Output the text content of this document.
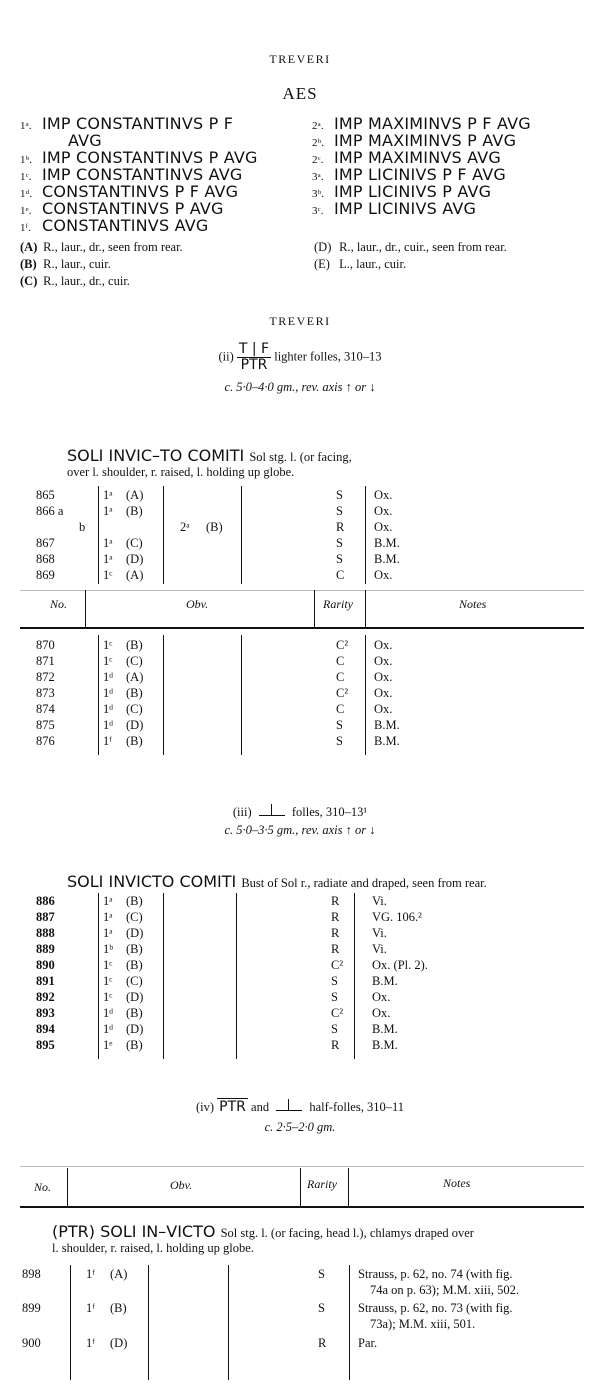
TREVERI
AES
1ᵃ. IMP CONSTANTINVS P F
AVG
1ᵇ. IMP CONSTANTINVS P AVG
1ᶜ. IMP CONSTANTINVS AVG
1ᵈ. CONSTANTINVS P F AVG
1ᵉ. CONSTANTINVS P AVG
1ᶠ. CONSTANTINVS AVG
2ᵃ. IMP MAXIMINVS P F AVG
2ᵇ. IMP MAXIMINVS P AVG
2ᶜ. IMP MAXIMINVS AVG
3ᵃ. IMP LICINIVS P F AVG
3ᵇ. IMP LICINIVS P AVG
3ᶜ. IMP LICINIVS AVG
(A) R., laur., dr., seen from rear.
(B) R., laur., cuir.
(C) R., laur., dr., cuir.
(D) R., laur., dr., cuir., seen from rear.
(E) L., laur., cuir.
TREVERI
(ii) T | F
PTR
lighter folles, 310–13
c. 5·0–4·0 gm., rev. axis ↑ or ↓
SOLI INVIC–TO COMITI Sol stg. l. (or facing,
over l. shoulder, r. raised, l. holding up globe.
865	1ᵃ (A)	S Ox.
866 a	1ᵃ (B)	S Ox.
b	2ᵃ (B)	R Ox.
867	1ᵃ (C)	S B.M.
868	1ᵃ (D)	S B.M.
869	1ᶜ (A)	C Ox.
No.	Obv.	Rarity	Notes
870	1ᶜ (B)	C² Ox.
871	1ᶜ (C)	C Ox.
872	1ᵈ (A)	C Ox.
873	1ᵈ (B)	C² Ox.
874	1ᵈ (C)	C Ox.
875	1ᵈ (D)	S B.M.
876	1ᶠ (B)	S B.M.
(iii)	folles, 310–13¹
c. 5·0–3·5 gm., rev. axis ↑ or ↓
SOLI INVICTO COMITI Bust of Sol r., radiate and draped, seen from rear.
886	1ᵃ (B)	R	Vi.
887	1ᵃ (C)	R	VG. 106.²
888	1ᵃ (D)	R	Vi.
889	1ᵇ (B)	R	Vi.
890	1ᶜ (B)	C² Ox. (Pl. 2).
891	1ᶜ (C)	S	B.M.
892	1ᶜ (D)	S	Ox.
893	1ᵈ (B)	C² Ox.
894	1ᵈ (D)	S	B.M.
895	1ᵉ (B)	R	B.M.
(iv) PTR and	half-folles, 310–11
c. 2·5–2·0 gm.
No.	Obv.	Rarity	Notes
(PTR) SOLI IN–VICTO Sol stg. l. (or facing, head l.), chlamys draped over
l. shoulder, r. raised, l. holding up globe.
898	1ᶠ (A)	S	Strauss, p. 62, no. 74 (with fig.
74a on p. 63); M.M. xiii, 502.
899	1ᶠ (B)	S	Strauss, p. 62, no. 73 (with fig.
73a); M.M. xiii, 501.
900	1ᶠ (D)	R	Par.
